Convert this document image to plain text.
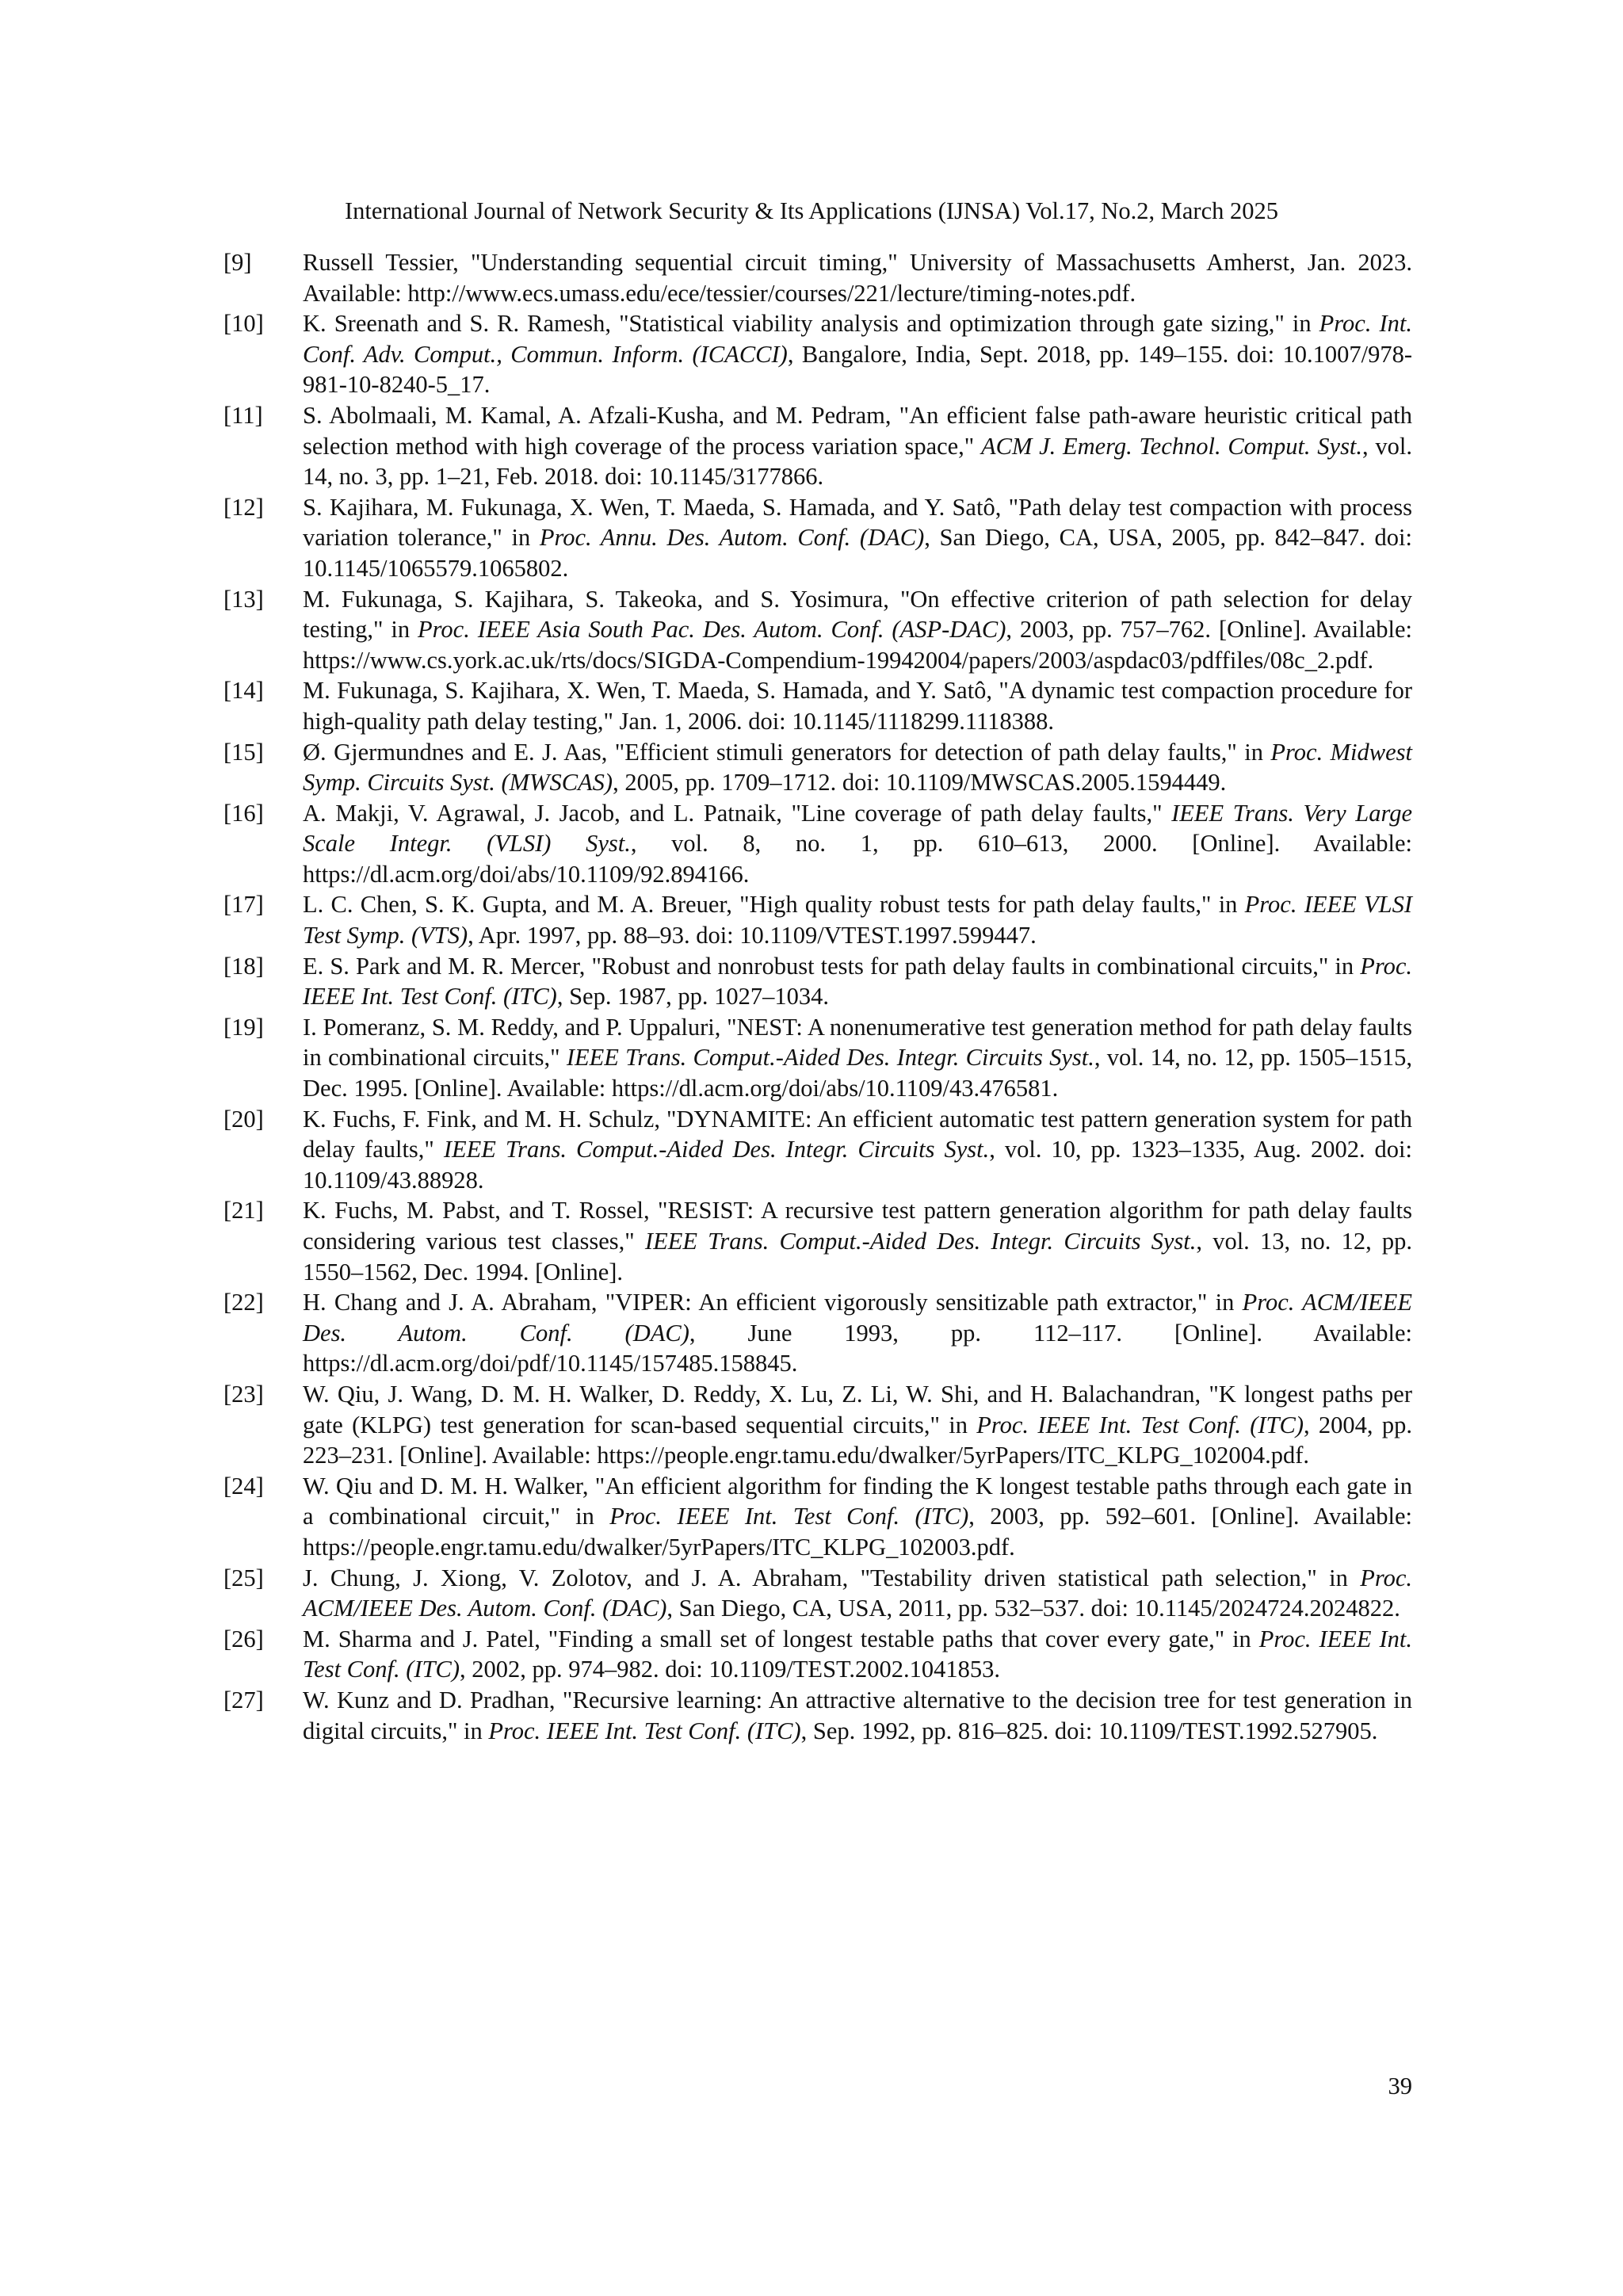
International Journal of Network Security & Its Applications (IJNSA) Vol.17, No.2, March 2025
[9]	Russell Tessier, "Understanding sequential circuit timing," University of Massachusetts Amherst, Jan. 2023. Available: http://www.ecs.umass.edu/ece/tessier/courses/221/lecture/timing-notes.pdf.
[10]	K. Sreenath and S. R. Ramesh, "Statistical viability analysis and optimization through gate sizing," in Proc. Int. Conf. Adv. Comput., Commun. Inform. (ICACCI), Bangalore, India, Sept. 2018, pp. 149–155. doi: 10.1007/978-981-10-8240-5_17.
[11]	S. Abolmaali, M. Kamal, A. Afzali-Kusha, and M. Pedram, "An efficient false path-aware heuristic critical path selection method with high coverage of the process variation space," ACM J. Emerg. Technol. Comput. Syst., vol. 14, no. 3, pp. 1–21, Feb. 2018. doi: 10.1145/3177866.
[12]	S. Kajihara, M. Fukunaga, X. Wen, T. Maeda, S. Hamada, and Y. Satô, "Path delay test compaction with process variation tolerance," in Proc. Annu. Des. Autom. Conf. (DAC), San Diego, CA, USA, 2005, pp. 842–847. doi: 10.1145/1065579.1065802.
[13]	M. Fukunaga, S. Kajihara, S. Takeoka, and S. Yosimura, "On effective criterion of path selection for delay testing," in Proc. IEEE Asia South Pac. Des. Autom. Conf. (ASP-DAC), 2003, pp. 757–762. [Online]. Available: https://www.cs.york.ac.uk/rts/docs/SIGDA-Compendium-19942004/papers/2003/aspdac03/pdffiles/08c_2.pdf.
[14]	M. Fukunaga, S. Kajihara, X. Wen, T. Maeda, S. Hamada, and Y. Satô, "A dynamic test compaction procedure for high-quality path delay testing," Jan. 1, 2006. doi: 10.1145/1118299.1118388.
[15]	Ø. Gjermundnes and E. J. Aas, "Efficient stimuli generators for detection of path delay faults," in Proc. Midwest Symp. Circuits Syst. (MWSCAS), 2005, pp. 1709–1712. doi: 10.1109/MWSCAS.2005.1594449.
[16]	A. Makji, V. Agrawal, J. Jacob, and L. Patnaik, "Line coverage of path delay faults," IEEE Trans. Very Large Scale Integr. (VLSI) Syst., vol. 8, no. 1, pp. 610–613, 2000. [Online]. Available: https://dl.acm.org/doi/abs/10.1109/92.894166.
[17]	L. C. Chen, S. K. Gupta, and M. A. Breuer, "High quality robust tests for path delay faults," in Proc. IEEE VLSI Test Symp. (VTS), Apr. 1997, pp. 88–93. doi: 10.1109/VTEST.1997.599447.
[18]	E. S. Park and M. R. Mercer, "Robust and nonrobust tests for path delay faults in combinational circuits," in Proc. IEEE Int. Test Conf. (ITC), Sep. 1987, pp. 1027–1034.
[19]	I. Pomeranz, S. M. Reddy, and P. Uppaluri, "NEST: A nonenumerative test generation method for path delay faults in combinational circuits," IEEE Trans. Comput.-Aided Des. Integr. Circuits Syst., vol. 14, no. 12, pp. 1505–1515, Dec. 1995. [Online]. Available: https://dl.acm.org/doi/abs/10.1109/43.476581.
[20]	K. Fuchs, F. Fink, and M. H. Schulz, "DYNAMITE: An efficient automatic test pattern generation system for path delay faults," IEEE Trans. Comput.-Aided Des. Integr. Circuits Syst., vol. 10, pp. 1323–1335, Aug. 2002. doi: 10.1109/43.88928.
[21]	K. Fuchs, M. Pabst, and T. Rossel, "RESIST: A recursive test pattern generation algorithm for path delay faults considering various test classes," IEEE Trans. Comput.-Aided Des. Integr. Circuits Syst., vol. 13, no. 12, pp. 1550–1562, Dec. 1994. [Online].
[22]	H. Chang and J. A. Abraham, "VIPER: An efficient vigorously sensitizable path extractor," in Proc. ACM/IEEE Des. Autom. Conf. (DAC), June 1993, pp. 112–117. [Online]. Available: https://dl.acm.org/doi/pdf/10.1145/157485.158845.
[23]	W. Qiu, J. Wang, D. M. H. Walker, D. Reddy, X. Lu, Z. Li, W. Shi, and H. Balachandran, "K longest paths per gate (KLPG) test generation for scan-based sequential circuits," in Proc. IEEE Int. Test Conf. (ITC), 2004, pp. 223–231. [Online]. Available: https://people.engr.tamu.edu/dwalker/5yrPapers/ITC_KLPG_102004.pdf.
[24]	W. Qiu and D. M. H. Walker, "An efficient algorithm for finding the K longest testable paths through each gate in a combinational circuit," in Proc. IEEE Int. Test Conf. (ITC), 2003, pp. 592–601. [Online]. Available: https://people.engr.tamu.edu/dwalker/5yrPapers/ITC_KLPG_102003.pdf.
[25]	J. Chung, J. Xiong, V. Zolotov, and J. A. Abraham, "Testability driven statistical path selection," in Proc. ACM/IEEE Des. Autom. Conf. (DAC), San Diego, CA, USA, 2011, pp. 532–537. doi: 10.1145/2024724.2024822.
[26]	M. Sharma and J. Patel, "Finding a small set of longest testable paths that cover every gate," in Proc. IEEE Int. Test Conf. (ITC), 2002, pp. 974–982. doi: 10.1109/TEST.2002.1041853.
[27]	W. Kunz and D. Pradhan, "Recursive learning: An attractive alternative to the decision tree for test generation in digital circuits," in Proc. IEEE Int. Test Conf. (ITC), Sep. 1992, pp. 816–825. doi: 10.1109/TEST.1992.527905.
39
